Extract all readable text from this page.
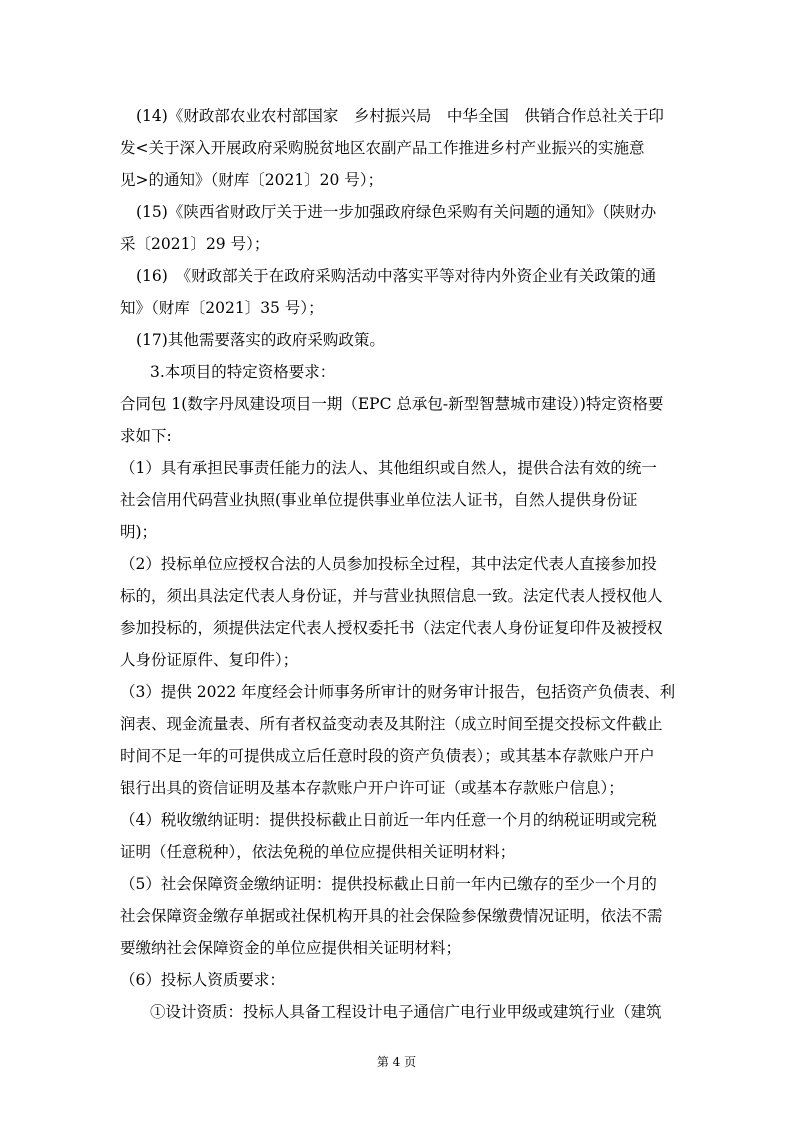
(14)《财政部农业农村部国家　乡村振兴局　中华全国　供销合作总社关于印
发<关于深入开展政府采购脱贫地区农副产品工作推进乡村产业振兴的实施意
见>的通知》（财库〔2021〕20 号）；
(15)《陕西省财政厅关于进一步加强政府绿色采购有关问题的通知》（陕财办
采〔2021〕29 号）；
(16)　《财政部关于在政府采购活动中落实平等对待内外资企业有关政策的通
知》（财库〔2021〕35 号）；
(17)其他需要落实的政府采购政策。
3.本项目的特定资格要求：
合同包 1(数字丹凤建设项目一期（EPC 总承包-新型智慧城市建设）)特定资格要
求如下:
（1）具有承担民事责任能力的法人、其他组织或自然人，提供合法有效的统一
社会信用代码营业执照(事业单位提供事业单位法人证书，自然人提供身份证
明)；
（2）投标单位应授权合法的人员参加投标全过程，其中法定代表人直接参加投
标的，须出具法定代表人身份证，并与营业执照信息一致。法定代表人授权他人
参加投标的，须提供法定代表人授权委托书（法定代表人身份证复印件及被授权
人身份证原件、复印件）；
（3）提供 2022 年度经会计师事务所审计的财务审计报告，包括资产负债表、利
润表、现金流量表、所有者权益变动表及其附注（成立时间至提交投标文件截止
时间不足一年的可提供成立后任意时段的资产负债表）；或其基本存款账户开户
银行出具的资信证明及基本存款账户开户许可证（或基本存款账户信息）；
（4）税收缴纳证明：提供投标截止日前近一年内任意一个月的纳税证明或完税
证明（任意税种），依法免税的单位应提供相关证明材料；
（5）社会保障资金缴纳证明：提供投标截止日前一年内已缴存的至少一个月的
社会保障资金缴存单据或社保机构开具的社会保险参保缴费情况证明，依法不需
要缴纳社会保障资金的单位应提供相关证明材料；
（6）投标人资质要求：
①设计资质：投标人具备工程设计电子通信广电行业甲级或建筑行业（建筑
第 4 页
